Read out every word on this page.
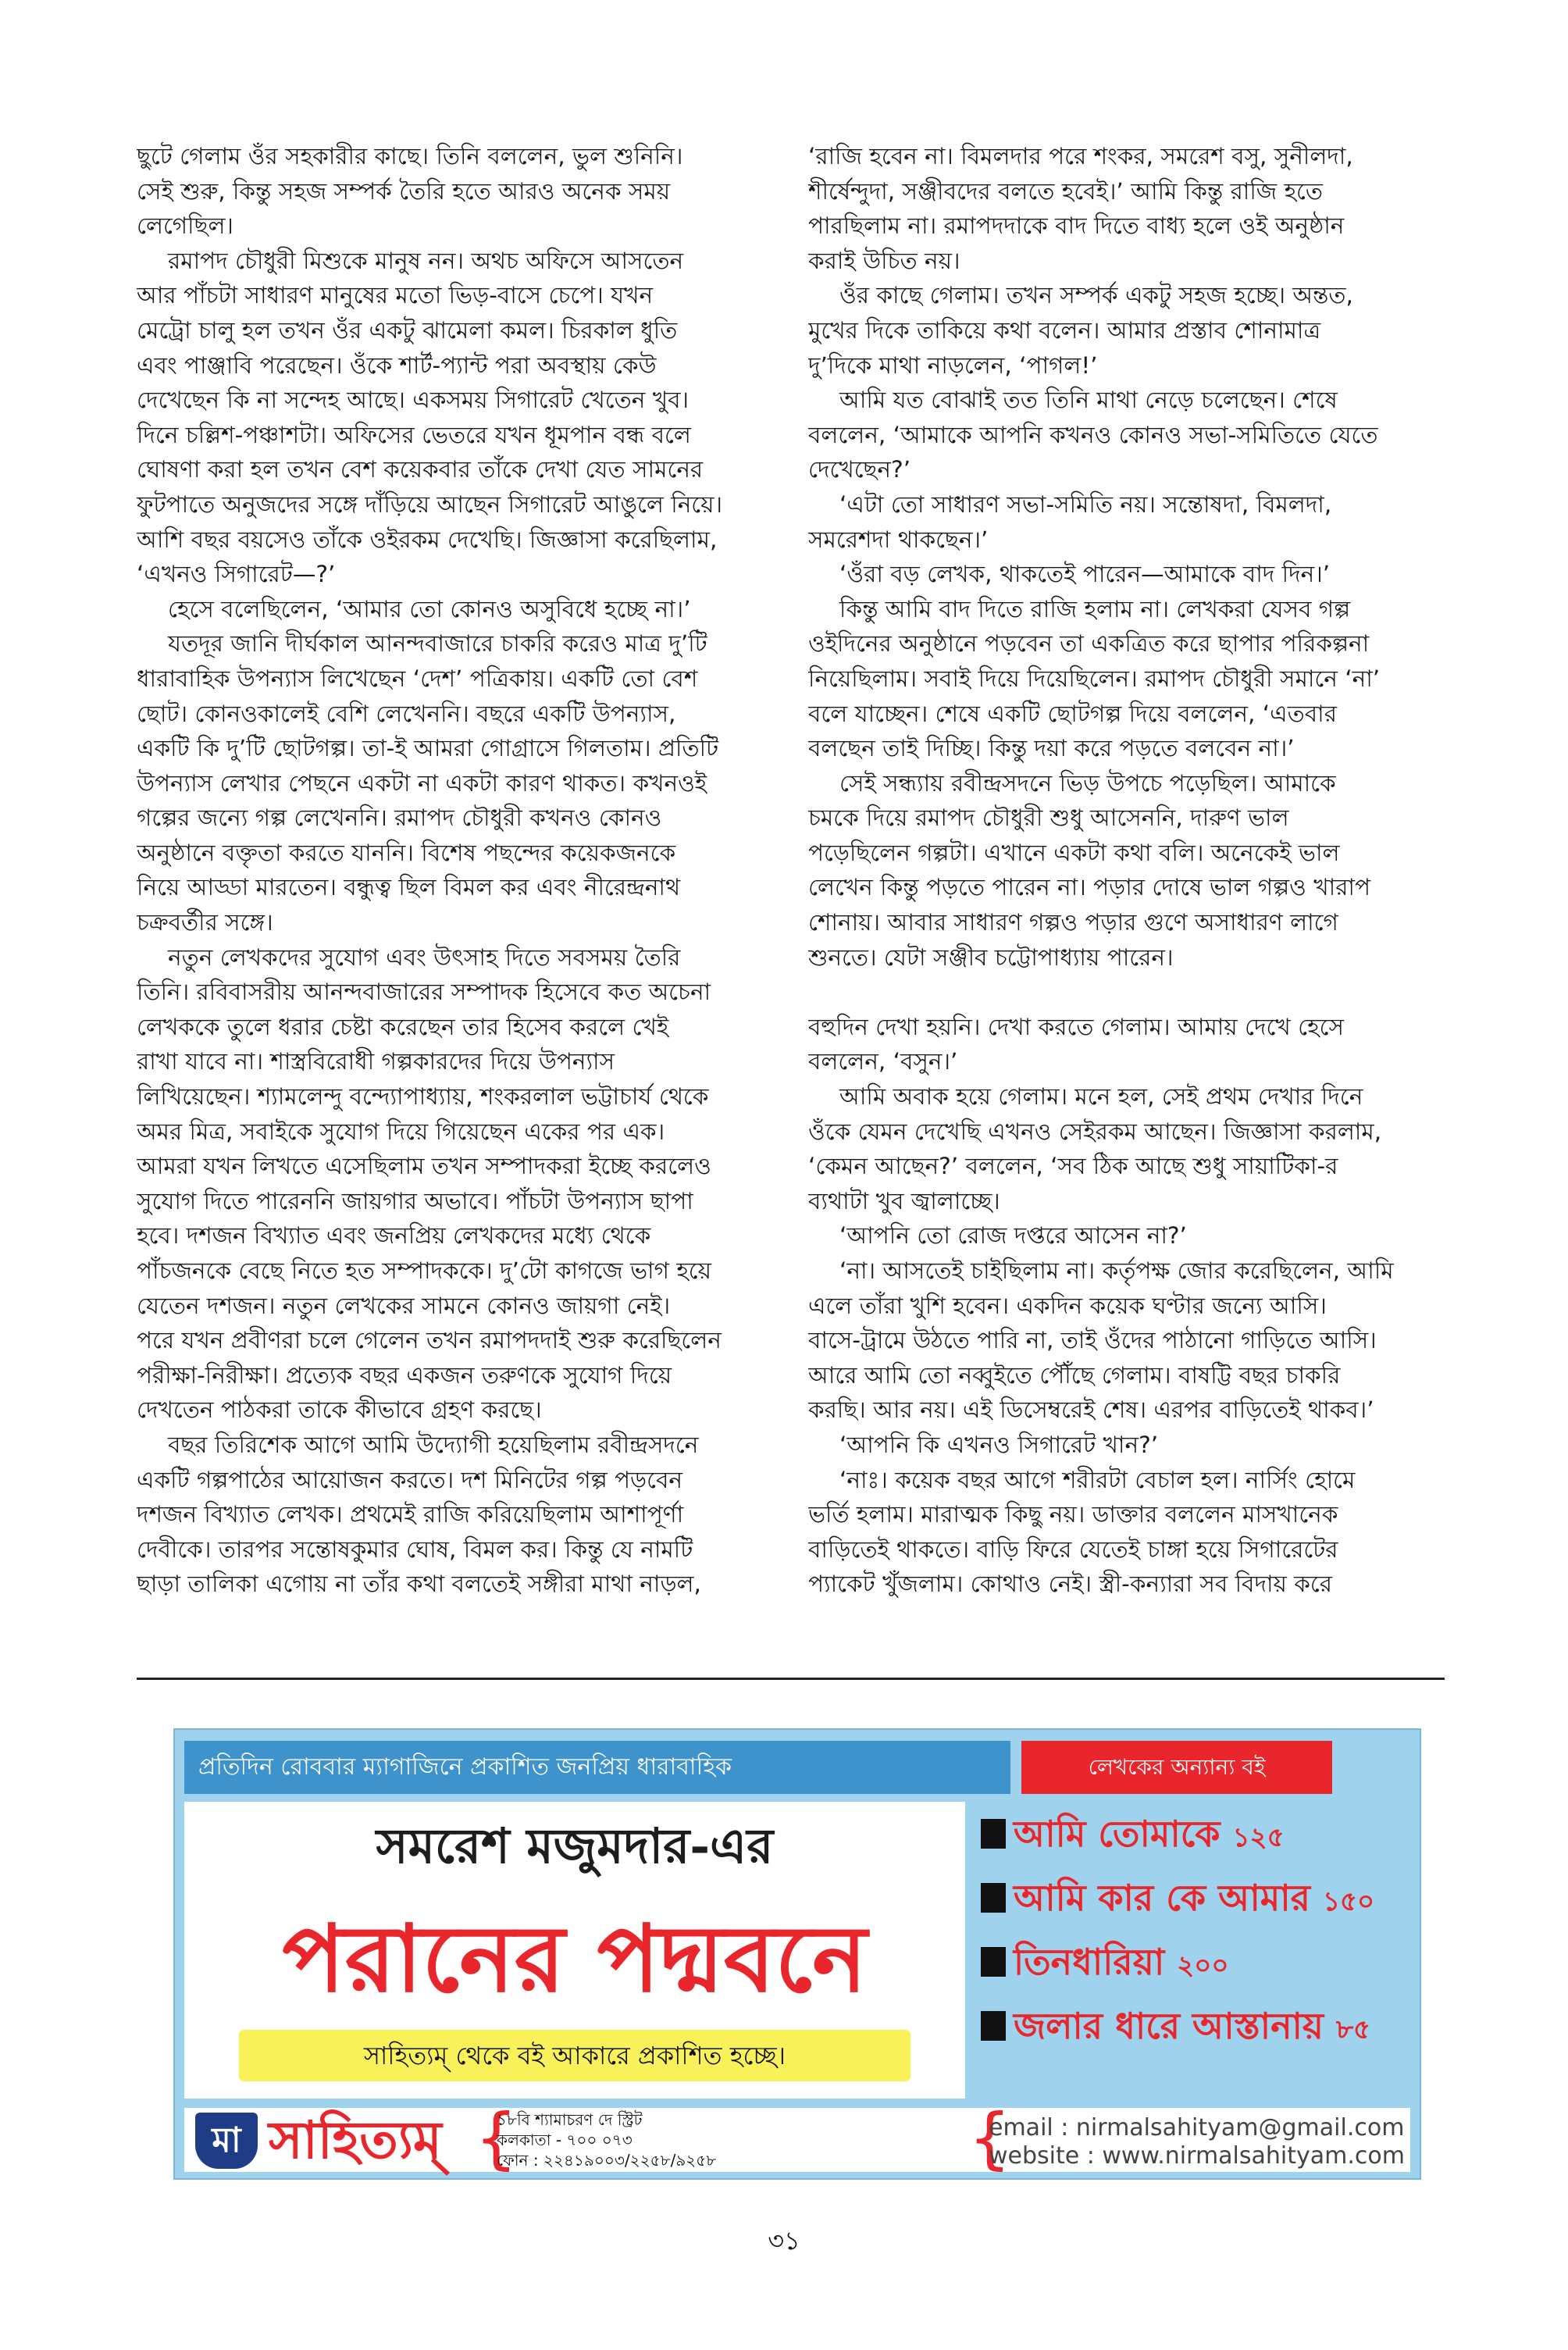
ছুটে গেলাম ওঁর সহকারীর কাছে। তিনি বললেন, ভুল শুনিনি।
সেই শুরু, কিন্তু সহজ সম্পর্ক তৈরি হতে আরও অনেক সময়
লেগেছিল।
রমাপদ চৌধুরী মিশুকে মানুষ নন। অথচ অফিসে আসতেন
আর পাঁচটা সাধারণ মানুষের মতো ভিড়-বাসে চেপে। যখন
মেট্রো চালু হল তখন ওঁর একটু ঝামেলা কমল। চিরকাল ধুতি
এবং পাঞ্জাবি পরেছেন। ওঁকে শার্ট-প্যান্ট পরা অবস্থায় কেউ
দেখেছেন কি না সন্দেহ আছে। একসময় সিগারেট খেতেন খুব।
দিনে চল্লিশ-পঞ্চাশটা। অফিসের ভেতরে যখন ধূমপান বন্ধ বলে
ঘোষণা করা হল তখন বেশ কয়েকবার তাঁকে দেখা যেত সামনের
ফুটপাতে অনুজদের সঙ্গে দাঁড়িয়ে আছেন সিগারেট আঙুলে নিয়ে।
আশি বছর বয়সেও তাঁকে ওইরকম দেখেছি। জিজ্ঞাসা করেছিলাম,
‘এখনও সিগারেট—?’
হেসে বলেছিলেন, ‘আমার তো কোনও অসুবিধে হচ্ছে না।’
যতদূর জানি দীর্ঘকাল আনন্দবাজারে চাকরি করেও মাত্র দু’টি
ধারাবাহিক উপন্যাস লিখেছেন ‘দেশ’ পত্রিকায়। একটি তো বেশ
ছোট। কোনওকালেই বেশি লেখেননি। বছরে একটি উপন্যাস,
একটি কি দু’টি ছোটগল্প। তা-ই আমরা গোগ্রাসে গিলতাম। প্রতিটি
উপন্যাস লেখার পেছনে একটা না একটা কারণ থাকত। কখনওই
গল্পের জন্যে গল্প লেখেননি। রমাপদ চৌধুরী কখনও কোনও
অনুষ্ঠানে বক্তৃতা করতে যাননি। বিশেষ পছন্দের কয়েকজনকে
নিয়ে আড্ডা মারতেন। বন্ধুত্ব ছিল বিমল কর এবং নীরেন্দ্রনাথ
চক্রবর্তীর সঙ্গে।
নতুন লেখকদের সুযোগ এবং উৎসাহ দিতে সবসময় তৈরি
তিনি। রবিবাসরীয় আনন্দবাজারের সম্পাদক হিসেবে কত অচেনা
লেখককে তুলে ধরার চেষ্টা করেছেন তার হিসেব করলে খেই
রাখা যাবে না। শাস্ত্রবিরোধী গল্পকারদের দিয়ে উপন্যাস
লিখিয়েছেন। শ্যামলেন্দু বন্দ্যোপাধ্যায়, শংকরলাল ভট্টাচার্য থেকে
অমর মিত্র, সবাইকে সুযোগ দিয়ে গিয়েছেন একের পর এক।
আমরা যখন লিখতে এসেছিলাম তখন সম্পাদকরা ইচ্ছে করলেও
সুযোগ দিতে পারেননি জায়গার অভাবে। পাঁচটা উপন্যাস ছাপা
হবে। দশজন বিখ্যাত এবং জনপ্রিয় লেখকদের মধ্যে থেকে
পাঁচজনকে বেছে নিতে হত সম্পাদককে। দু’টো কাগজে ভাগ হয়ে
যেতেন দশজন। নতুন লেখকের সামনে কোনও জায়গা নেই।
পরে যখন প্রবীণরা চলে গেলেন তখন রমাপদদাই শুরু করেছিলেন
পরীক্ষা-নিরীক্ষা। প্রত্যেক বছর একজন তরুণকে সুযোগ দিয়ে
দেখতেন পাঠকরা তাকে কীভাবে গ্রহণ করছে।
বছর তিরিশেক আগে আমি উদ্যোগী হয়েছিলাম রবীন্দ্রসদনে
একটি গল্পপাঠের আয়োজন করতে। দশ মিনিটের গল্প পড়বেন
দশজন বিখ্যাত লেখক। প্রথমেই রাজি করিয়েছিলাম আশাপূর্ণা
দেবীকে। তারপর সন্তোষকুমার ঘোষ, বিমল কর। কিন্তু যে নামটি
ছাড়া তালিকা এগোয় না তাঁর কথা বলতেই সঙ্গীরা মাথা নাড়ল,
‘রাজি হবেন না। বিমলদার পরে শংকর, সমরেশ বসু, সুনীলদা,
শীর্ষেন্দুদা, সঞ্জীবদের বলতে হবেই।’ আমি কিন্তু রাজি হতে
পারছিলাম না। রমাপদদাকে বাদ দিতে বাধ্য হলে ওই অনুষ্ঠান
করাই উচিত নয়।
ওঁর কাছে গেলাম। তখন সম্পর্ক একটু সহজ হচ্ছে। অন্তত,
মুখের দিকে তাকিয়ে কথা বলেন। আমার প্রস্তাব শোনামাত্র
দু’দিকে মাথা নাড়লেন, ‘পাগল!’
আমি যত বোঝাই তত তিনি মাথা নেড়ে চলেছেন। শেষে
বললেন, ‘আমাকে আপনি কখনও কোনও সভা-সমিতিতে যেতে
দেখেছেন?’
‘এটা তো সাধারণ সভা-সমিতি নয়। সন্তোষদা, বিমলদা,
সমরেশদা থাকছেন।’
‘ওঁরা বড় লেখক, থাকতেই পারেন—আমাকে বাদ দিন।’
কিন্তু আমি বাদ দিতে রাজি হলাম না। লেখকরা যেসব গল্প
ওইদিনের অনুষ্ঠানে পড়বেন তা একত্রিত করে ছাপার পরিকল্পনা
নিয়েছিলাম। সবাই দিয়ে দিয়েছিলেন। রমাপদ চৌধুরী সমানে ‘না’
বলে যাচ্ছেন। শেষে একটি ছোটগল্প দিয়ে বললেন, ‘এতবার
বলছেন তাই দিচ্ছি। কিন্তু দয়া করে পড়তে বলবেন না।’
সেই সন্ধ্যায় রবীন্দ্রসদনে ভিড় উপচে পড়েছিল। আমাকে
চমকে দিয়ে রমাপদ চৌধুরী শুধু আসেননি, দারুণ ভাল
পড়েছিলেন গল্পটা। এখানে একটা কথা বলি। অনেকেই ভাল
লেখেন কিন্তু পড়তে পারেন না। পড়ার দোষে ভাল গল্পও খারাপ
শোনায়। আবার সাধারণ গল্পও পড়ার গুণে অসাধারণ লাগে
শুনতে। যেটা সঞ্জীব চট্টোপাধ্যায় পারেন।
বহুদিন দেখা হয়নি। দেখা করতে গেলাম। আমায় দেখে হেসে
বললেন, ‘বসুন।’
আমি অবাক হয়ে গেলাম। মনে হল, সেই প্রথম দেখার দিনে
ওঁকে যেমন দেখেছি এখনও সেইরকম আছেন। জিজ্ঞাসা করলাম,
‘কেমন আছেন?’ বললেন, ‘সব ঠিক আছে শুধু সায়াটিকা-র
ব্যথাটা খুব জ্বালাচ্ছে।
‘আপনি তো রোজ দপ্তরে আসেন না?’
‘না। আসতেই চাইছিলাম না। কর্তৃপক্ষ জোর করেছিলেন, আমি
এলে তাঁরা খুশি হবেন। একদিন কয়েক ঘণ্টার জন্যে আসি।
বাসে-ট্রামে উঠতে পারি না, তাই ওঁদের পাঠানো গাড়িতে আসি।
আরে আমি তো নব্বুইতে পৌঁছে গেলাম। বাষট্টি বছর চাকরি
করছি। আর নয়। এই ডিসেম্বরেই শেষ। এরপর বাড়িতেই থাকব।’
‘আপনি কি এখনও সিগারেট খান?’
‘নাঃ। কয়েক বছর আগে শরীরটা বেচাল হল। নার্সিং হোমে
ভর্তি হলাম। মারাত্মক কিছু নয়। ডাক্তার বললেন মাসখানেক
বাড়িতেই থাকতে। বাড়ি ফিরে যেতেই চাঙ্গা হয়ে সিগারেটের
প্যাকেট খুঁজলাম। কোথাও নেই। স্ত্রী-কন্যারা সব বিদায় করে
প্রতিদিন রোববার ম্যাগাজিনে প্রকাশিত জনপ্রিয় ধারাবাহিক	লেখকের অন্যান্য বই
সমরেশ মজুমদার-এর
পরানের পদ্মবনে
সাহিত্যম্ থেকে বই আকারে প্রকাশিত হচ্ছে।
আমি তোমাকে ১২৫
আমি কার কে আমার ১৫০
তিনধারিয়া ২০০
জলার ধারে আস্তানায় ৮৫
মা সাহিত্যম্ {
১৮বি শ্যামাচরণ দে স্ট্রিট
কলকাতা - ৭০০ ০৭৩
ফোন : ২২৪১৯০০৩/২২৫৮/৯২৫৮	{
email : nirmalsahityam@gmail.com
website : www.nirmalsahityam.com
৩১
